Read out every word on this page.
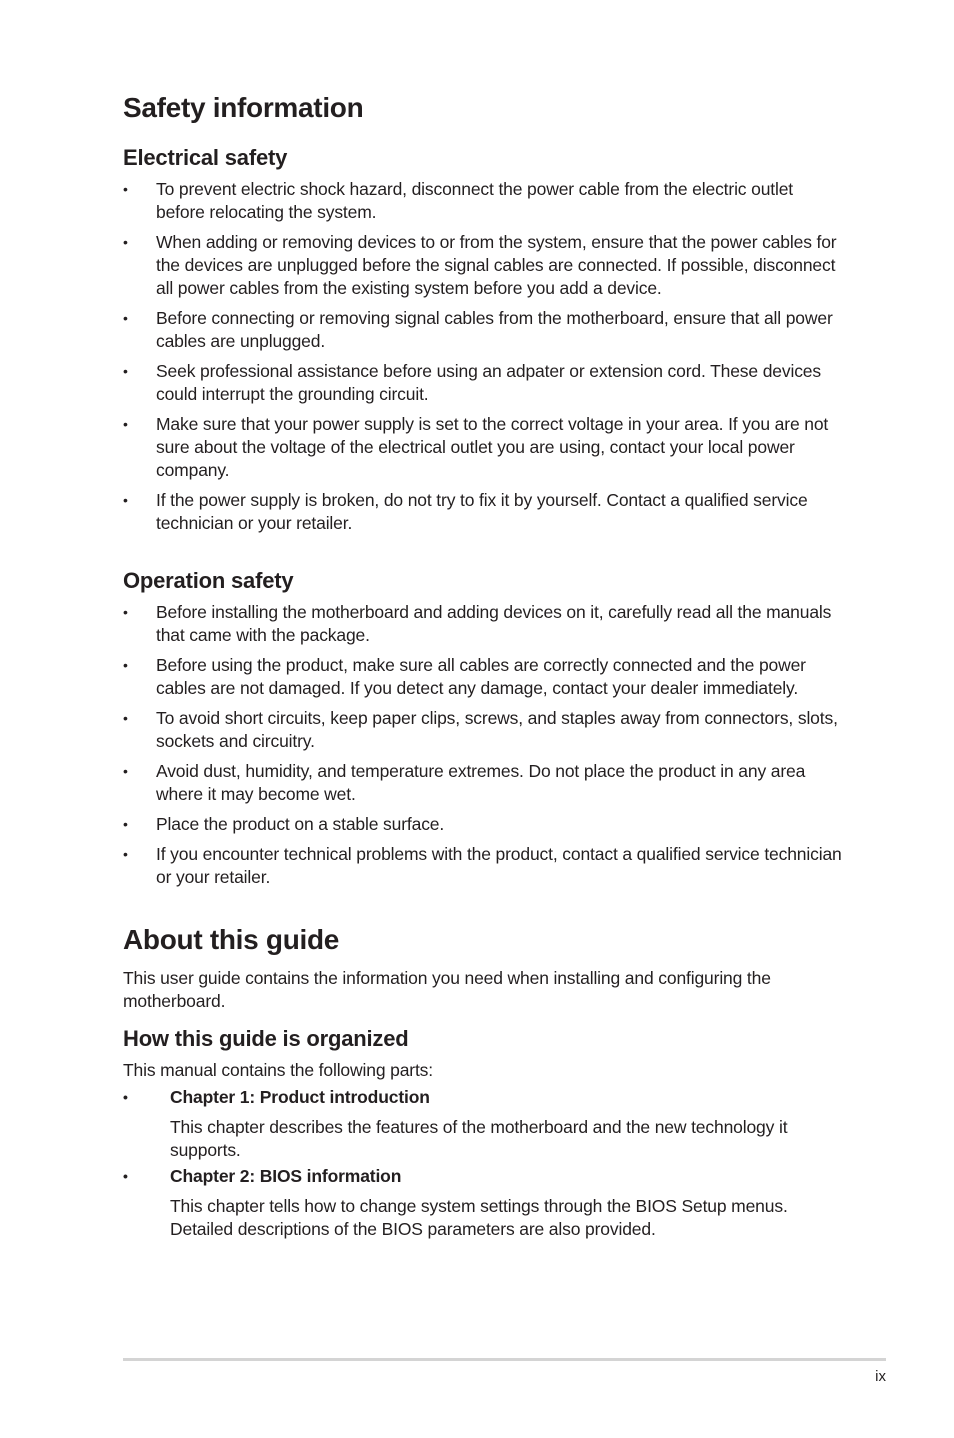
Safety information
Electrical safety
• To prevent electric shock hazard, disconnect the power cable from the electric outlet before relocating the system.
• When adding or removing devices to or from the system, ensure that the power cables for the devices are unplugged before the signal cables are connected. If possible, disconnect all power cables from the existing system before you add a device.
• Before connecting or removing signal cables from the motherboard, ensure that all power cables are unplugged.
• Seek professional assistance before using an adpater or extension cord. These devices could interrupt the grounding circuit.
• Make sure that your power supply is set to the correct voltage in your area. If you are not sure about the voltage of the electrical outlet you are using, contact your local power company.
• If the power supply is broken, do not try to fix it by yourself. Contact a qualified service technician or your retailer.
Operation safety
• Before installing the motherboard and adding devices on it, carefully read all the manuals that came with the package.
• Before using the product, make sure all cables are correctly connected and the power cables are not damaged. If you detect any damage, contact your dealer immediately.
• To avoid short circuits, keep paper clips, screws, and staples away from connectors, slots, sockets and circuitry.
• Avoid dust, humidity, and temperature extremes. Do not place the product in any area where it may become wet.
• Place the product on a stable surface.
• If you encounter technical problems with the product, contact a qualified service technician or your retailer.
About this guide

This user guide contains the information you need when installing and configuring the motherboard.

How this guide is organized

This manual contains the following parts:

• Chapter 1: Product introduction
This chapter describes the features of the motherboard and the new technology it supports.
• Chapter 2: BIOS information
This chapter tells how to change system settings through the BIOS Setup menus. Detailed descriptions of the BIOS parameters are also provided.
ix
